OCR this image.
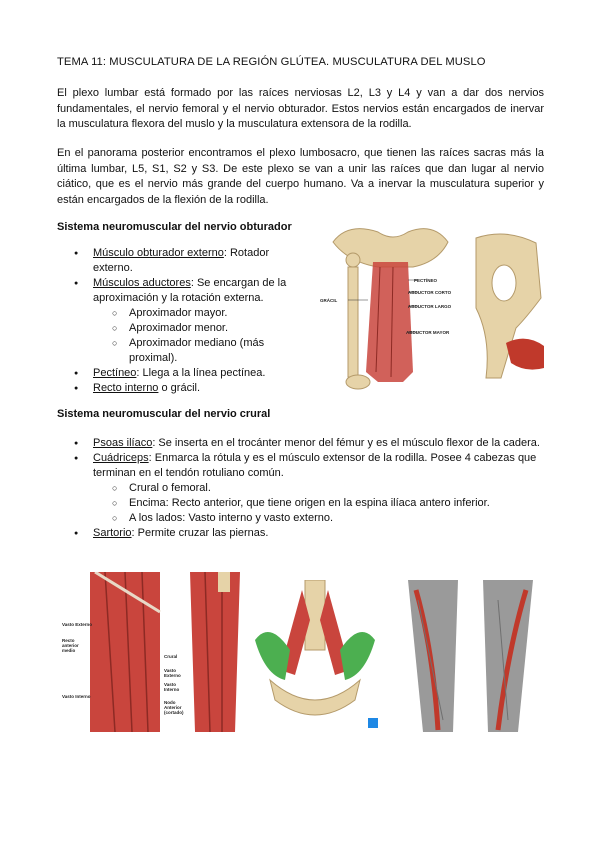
TEMA 11: MUSCULATURA DE LA REGIÓN GLÚTEA. MUSCULATURA DEL MUSLO

El plexo lumbar está formado por las raíces nerviosas L2, L3 y L4 y van a dar dos nervios fundamentales, el nervio femoral y el nervio obturador. Estos nervios están encargados de inervar la musculatura flexora del muslo y la musculatura extensora de la rodilla.

En el panorama posterior encontramos el plexo lumbosacro, que tienen las raíces sacras más la última lumbar, L5, S1, S2 y S3. De este plexo se van a unir las raíces que dan lugar al nervio ciático, que es el nervio más grande del cuerpo humano. Va a inervar la musculatura superior y están encargados de la flexión de la rodilla.

Sistema neuromuscular del nervio obturador
● Músculo obturador externo: Rotador externo.
● Músculos aductores: Se encargan de la aproximación y la rotación externa.
○ Aproximador mayor.
○ Aproximador menor.
○ Aproximador mediano (más proximal).
● Pectíneo: Llega a la línea pectínea.
● Recto interno o grácil.
PECTÍNEO
ABDUCTOR CORTO
GRÁCIL
ABDUCTOR LARGO
ABDUCTOR MAYOR
Sistema neuromuscular del nervio crural
● Psoas ilíaco: Se inserta en el trocánter menor del fémur y es el músculo flexor de la cadera.
● Cuádriceps: Enmarca la rótula y es el músculo extensor de la rodilla. Posee 4 cabezas que terminan en el tendón rotuliano común.
○ Crural o femoral.
○ Encima: Recto anterior, que tiene origen en la espina ilíaca antero inferior.
○ A los lados: Vasto interno y vasto externo.
● Sartorio: Permite cruzar las piernas.
Vasto Externo
Recto anterior medio
Vasto Interno
Crural
Vasto Externo
Vasto Interno
Nodo Anterior (cortado)
